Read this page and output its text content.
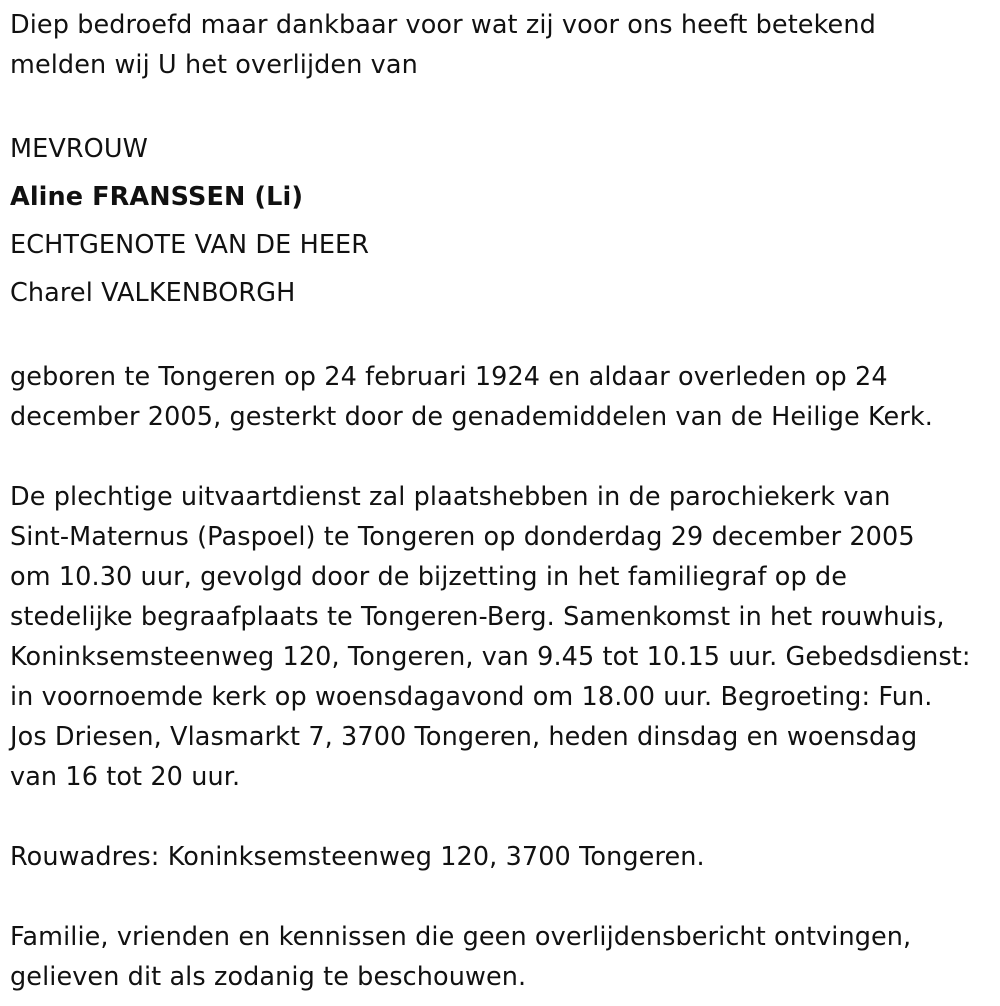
Diep bedroefd maar dankbaar voor wat zij voor ons heeft betekend
melden wij U het overlijden van

MEVROUW
Aline FRANSSEN (Li)
ECHTGENOTE VAN DE HEER
Charel VALKENBORGH

geboren te Tongeren op 24 februari 1924 en aldaar overleden op 24
december 2005, gesterkt door de genademiddelen van de Heilige Kerk.

De plechtige uitvaartdienst zal plaatshebben in de parochiekerk van
Sint-Maternus (Paspoel) te Tongeren op donderdag 29 december 2005
om 10.30 uur, gevolgd door de bijzetting in het familiegraf op de
stedelijke begraafplaats te Tongeren-Berg. Samenkomst in het rouwhuis,
Koninksemsteenweg 120, Tongeren, van 9.45 tot 10.15 uur. Gebedsdienst:
in voornoemde kerk op woensdagavond om 18.00 uur. Begroeting: Fun.
Jos Driesen, Vlasmarkt 7, 3700 Tongeren, heden dinsdag en woensdag
van 16 tot 20 uur.

Rouwadres: Koninksemsteenweg 120, 3700 Tongeren.

Familie, vrienden en kennissen die geen overlijdensbericht ontvingen,
gelieven dit als zodanig te beschouwen.
